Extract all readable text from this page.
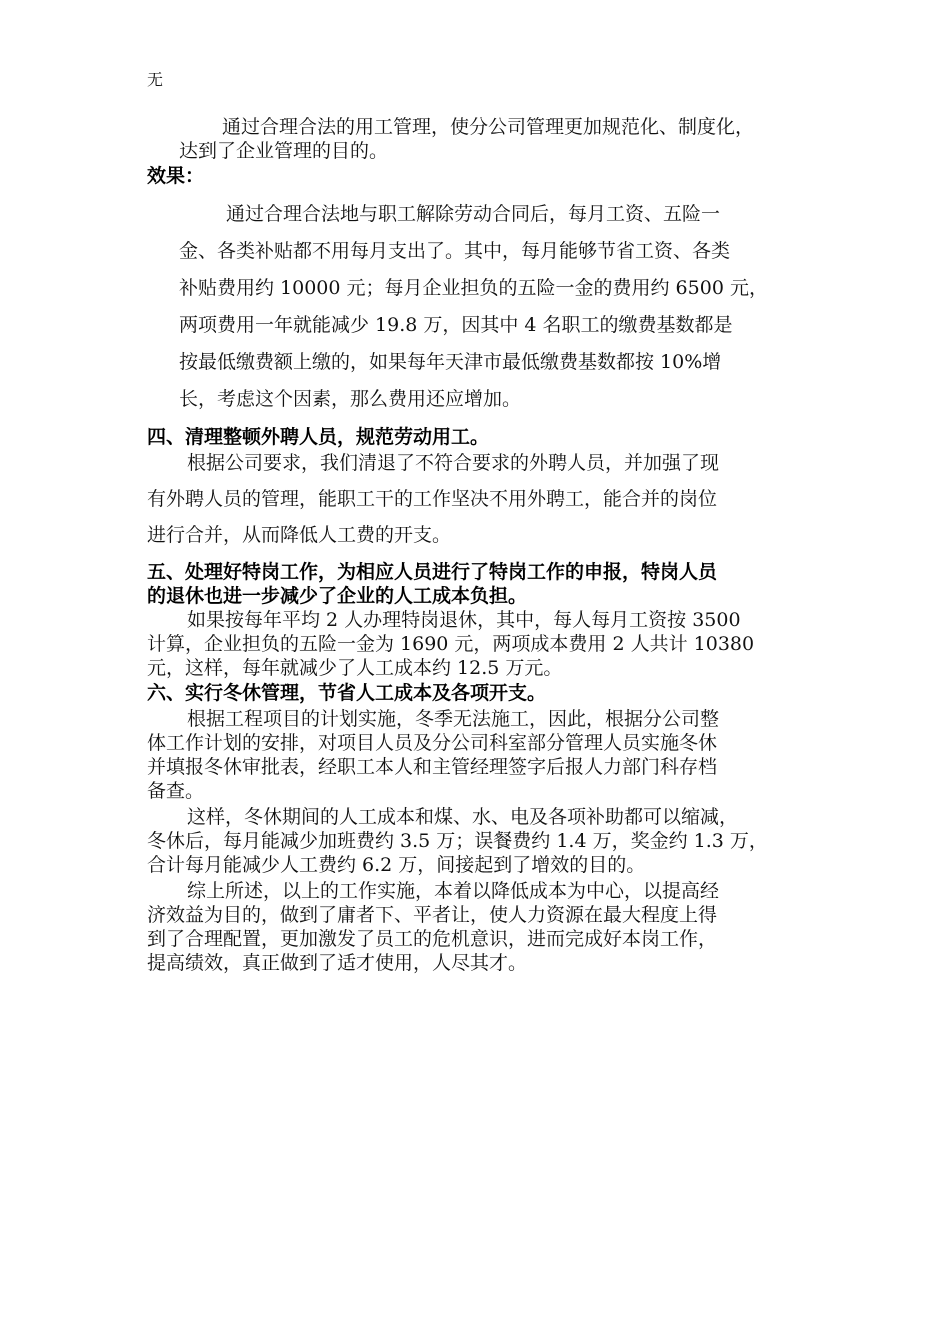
无
通过合理合法的用工管理，使分公司管理更加规范化、制度化，
达到了企业管理的目的。
效果：
通过合理合法地与职工解除劳动合同后，每月工资、五险一
金、各类补贴都不用每月支出了。其中，每月能够节省工资、各类
补贴费用约 10000 元；每月企业担负的五险一金的费用约 6500 元，
两项费用一年就能减少 19.8 万，因其中 4 名职工的缴费基数都是
按最低缴费额上缴的，如果每年天津市最低缴费基数都按 10%增
长，考虑这个因素，那么费用还应增加。
四、清理整顿外聘人员，规范劳动用工。
根据公司要求，我们清退了不符合要求的外聘人员，并加强了现
有外聘人员的管理，能职工干的工作坚决不用外聘工，能合并的岗位
进行合并，从而降低人工费的开支。
五、处理好特岗工作，为相应人员进行了特岗工作的申报，特岗人员
的退休也进一步减少了企业的人工成本负担。
如果按每年平均 2 人办理特岗退休，其中，每人每月工资按 3500
计算，企业担负的五险一金为 1690 元，两项成本费用 2 人共计 10380
元，这样，每年就减少了人工成本约 12.5 万元。
六、实行冬休管理，节省人工成本及各项开支。
根据工程项目的计划实施，冬季无法施工，因此，根据分公司整
体工作计划的安排，对项目人员及分公司科室部分管理人员实施冬休
并填报冬休审批表，经职工本人和主管经理签字后报人力部门科存档
备查。
这样，冬休期间的人工成本和煤、水、电及各项补助都可以缩减，
冬休后，每月能减少加班费约 3.5 万；误餐费约 1.4 万，奖金约 1.3 万，
合计每月能减少人工费约 6.2 万，间接起到了增效的目的。
综上所述，以上的工作实施，本着以降低成本为中心，以提高经
济效益为目的，做到了庸者下、平者让，使人力资源在最大程度上得
到了合理配置，更加激发了员工的危机意识，进而完成好本岗工作，
提高绩效，真正做到了适才使用，人尽其才。
